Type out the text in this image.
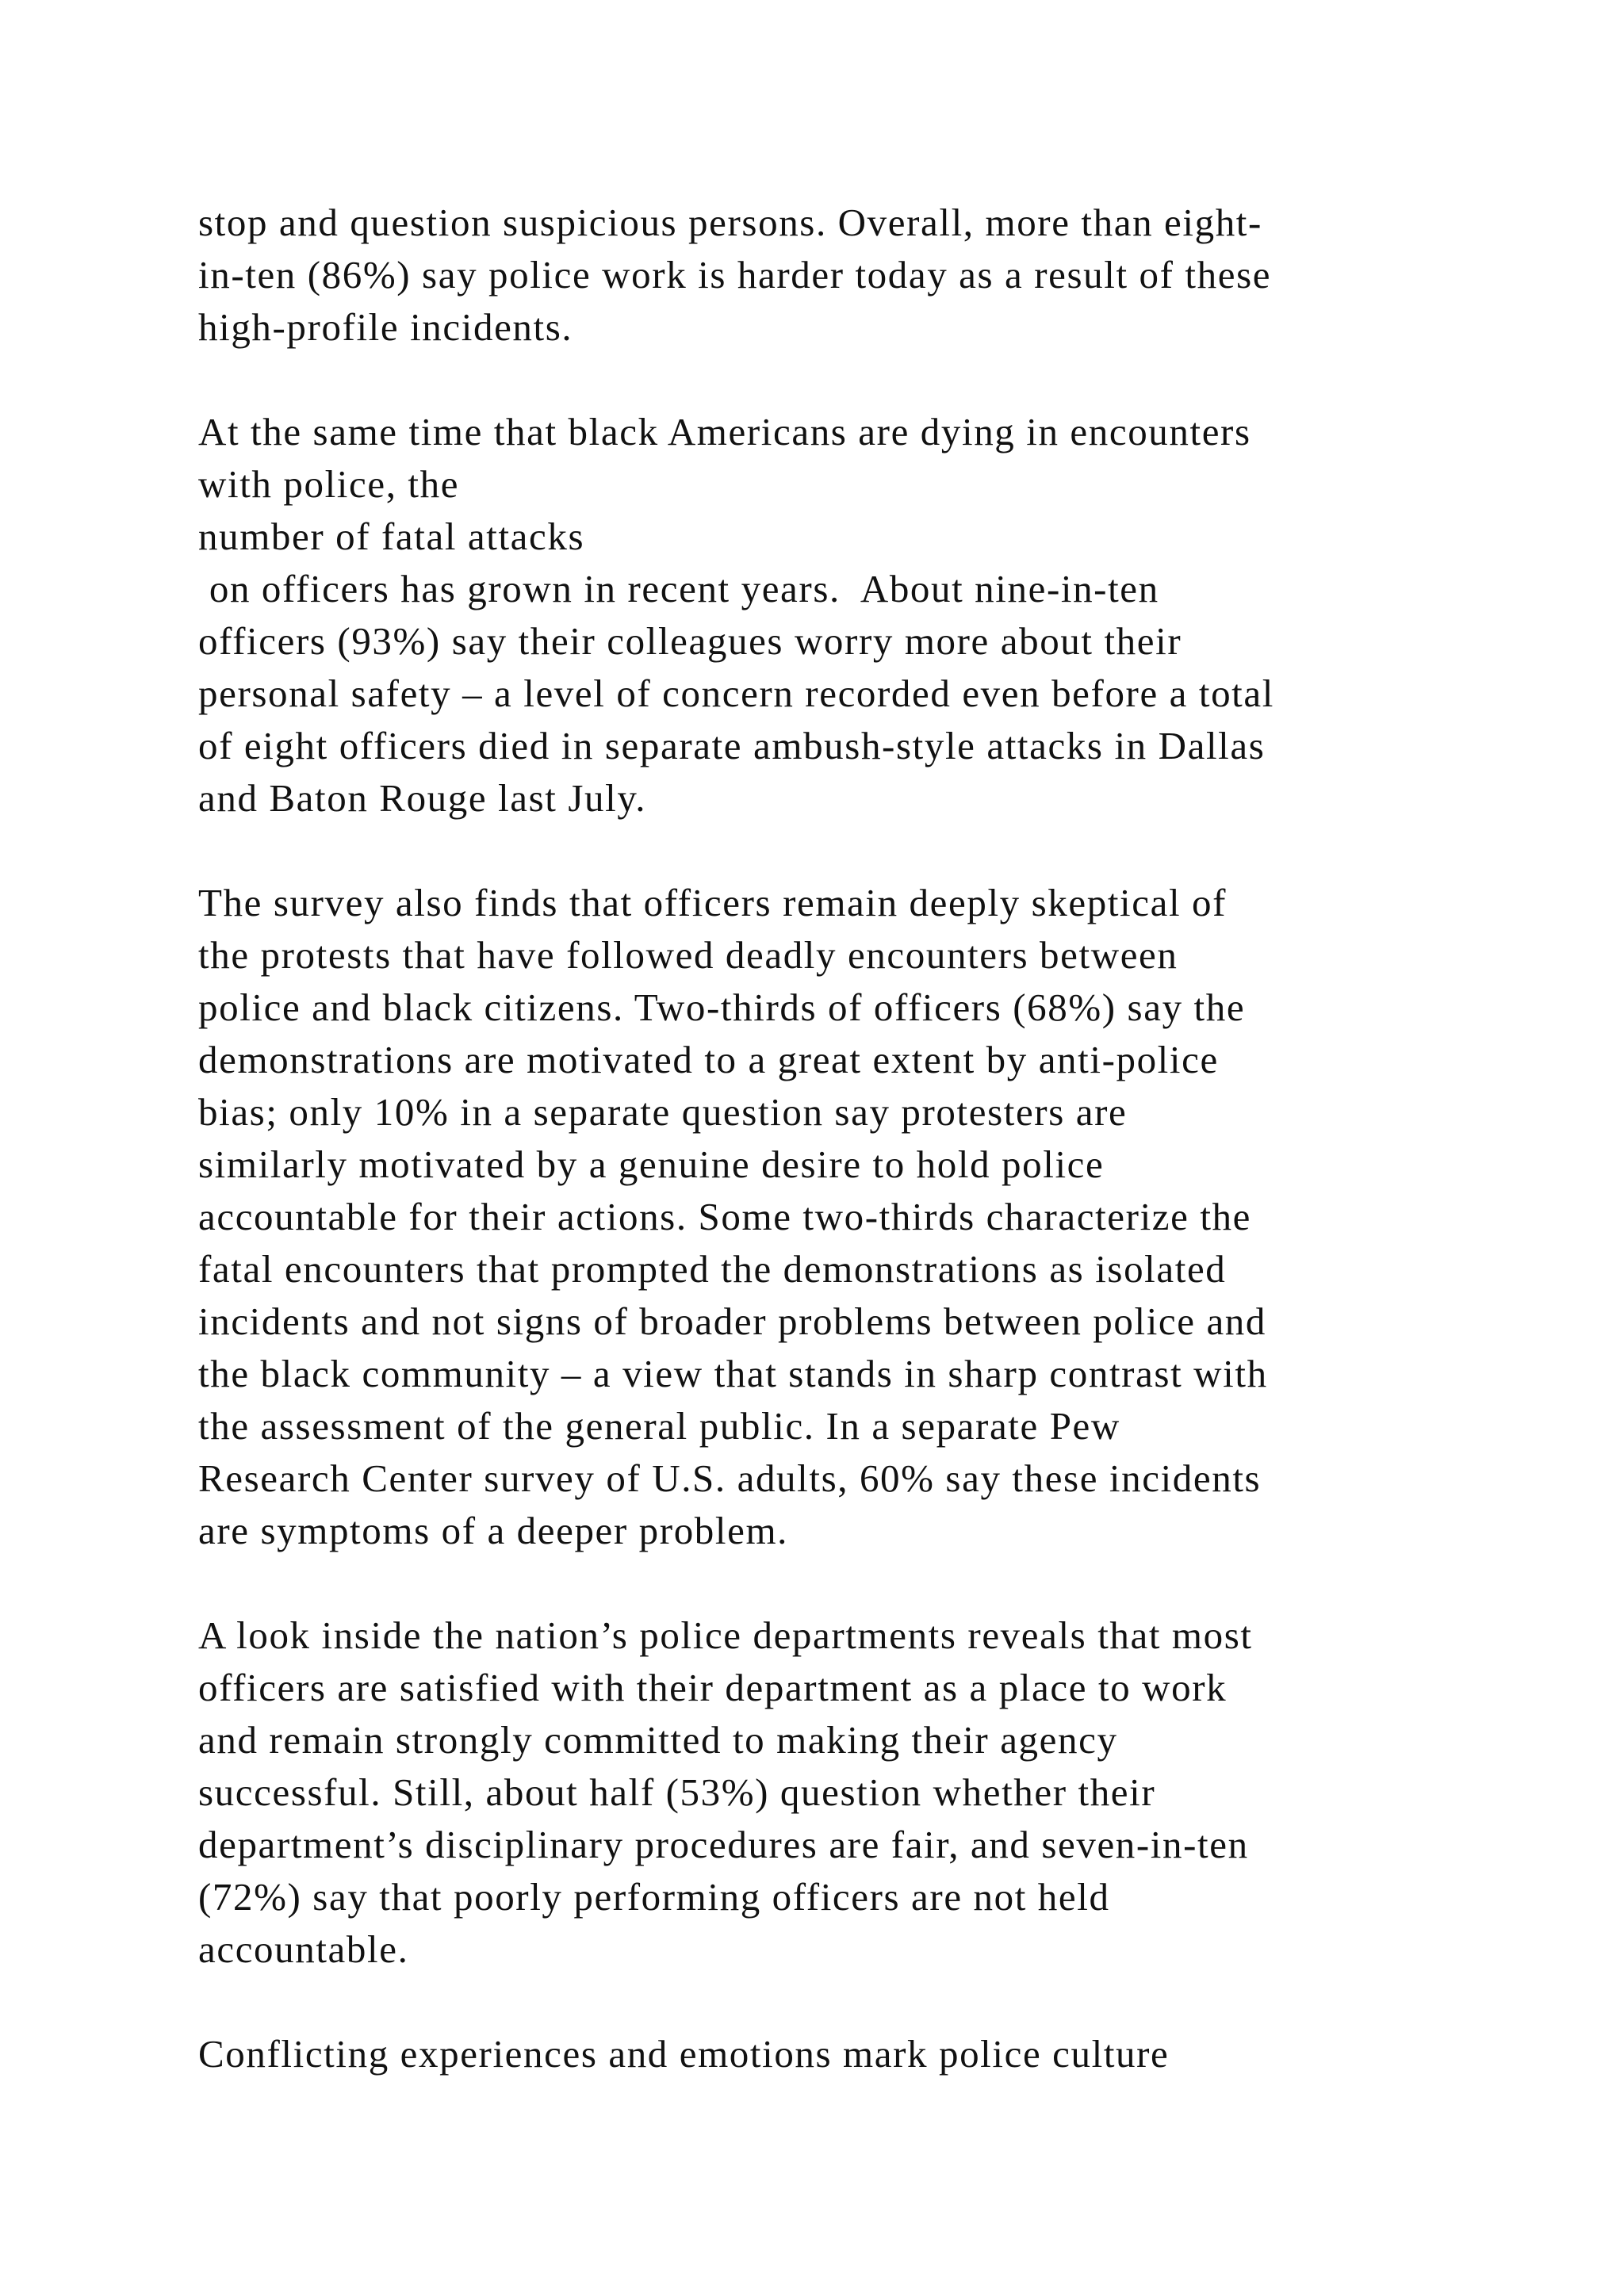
stop and question suspicious persons. Overall, more than eight-
in-ten (86%) say police work is harder today as a result of these
high-profile incidents.
At the same time that black Americans are dying in encounters
with police, the
number of fatal attacks
on officers has grown in recent years.  About nine-in-ten
officers (93%) say their colleagues worry more about their
personal safety – a level of concern recorded even before a total
of eight officers died in separate ambush-style attacks in Dallas
and Baton Rouge last July.
The survey also finds that officers remain deeply skeptical of
the protests that have followed deadly encounters between
police and black citizens. Two-thirds of officers (68%) say the
demonstrations are motivated to a great extent by anti-police
bias; only 10% in a separate question say protesters are
similarly motivated by a genuine desire to hold police
accountable for their actions. Some two-thirds characterize the
fatal encounters that prompted the demonstrations as isolated
incidents and not signs of broader problems between police and
the black community – a view that stands in sharp contrast with
the assessment of the general public. In a separate Pew
Research Center survey of U.S. adults, 60% say these incidents
are symptoms of a deeper problem.
A look inside the nation’s police departments reveals that most
officers are satisfied with their department as a place to work
and remain strongly committed to making their agency
successful. Still, about half (53%) question whether their
department’s disciplinary procedures are fair, and seven-in-ten
(72%) say that poorly performing officers are not held
accountable.
Conflicting experiences and emotions mark police culture
